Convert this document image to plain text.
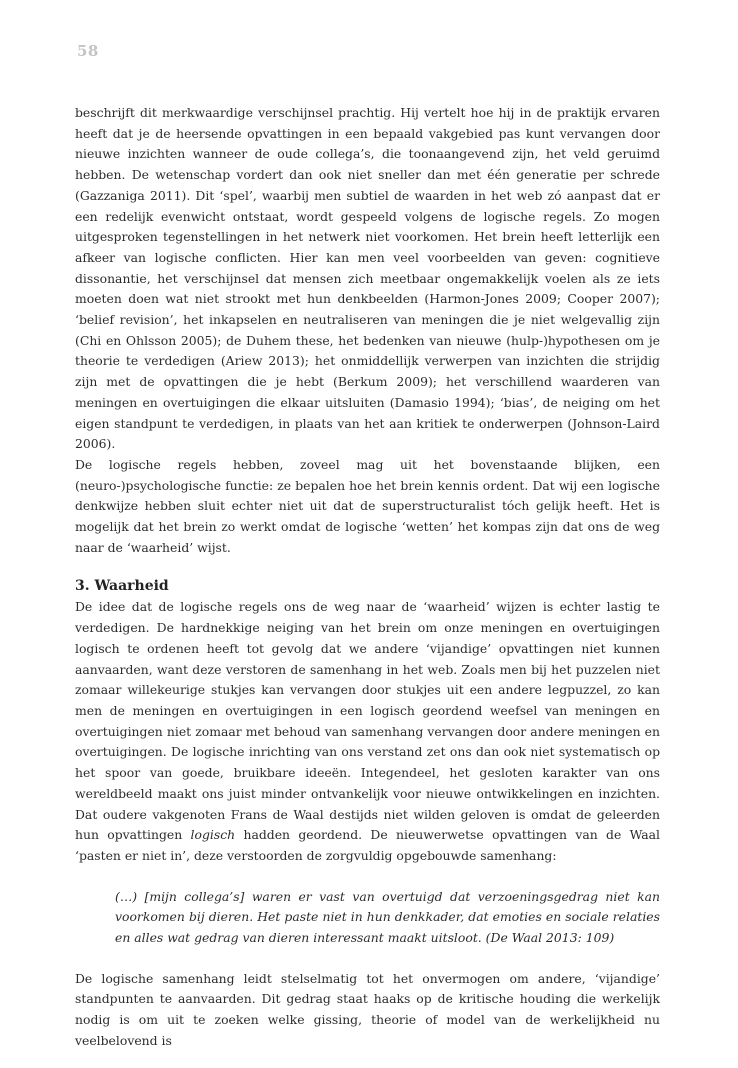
58

beschrijft dit merkwaardige verschijnsel prachtig. Hij vertelt hoe hij in de praktijk ervaren heeft dat je de heersende opvattingen in een bepaald vakgebied pas kunt vervangen door nieuwe inzichten wanneer de oude collega’s, die toonaangevend zijn, het veld geruimd hebben. De wetenschap vordert dan ook niet sneller dan met één generatie per schrede (Gazzaniga 2011). Dit ‘spel’, waarbij men subtiel de waarden in het web zó aanpast dat er een redelijk evenwicht ontstaat, wordt gespeeld volgens de logische regels. Zo mogen uitgesproken tegenstellingen in het netwerk niet voorkomen. Het brein heeft letterlijk een afkeer van logische conflicten. Hier kan men veel voorbeelden van geven: cognitieve dissonantie, het verschijnsel dat mensen zich meetbaar ongemakkelijk voelen als ze iets moeten doen wat niet strookt met hun denkbeelden (Harmon-Jones 2009; Cooper 2007); ‘belief revision’, het inkapselen en neutraliseren van meningen die je niet welgevallig zijn (Chi en Ohlsson 2005); de Duhem these, het bedenken van nieuwe (hulp-)hypothesen om je theorie te verdedigen (Ariew 2013); het onmiddellijk verwerpen van inzichten die strijdig zijn met de opvattingen die je hebt (Berkum 2009); het verschillend waarderen van meningen en overtuigingen die elkaar uitsluiten (Damasio 1994); ‘bias’, de neiging om het eigen standpunt te verdedigen, in plaats van het aan kritiek te onderwerpen (Johnson-Laird 2006).

De logische regels hebben, zoveel mag uit het bovenstaande blijken, een (neuro-)psychologische functie: ze bepalen hoe het brein kennis ordent. Dat wij een logische denkwijze hebben sluit echter niet uit dat de superstructuralist tóch gelijk heeft. Het is mogelijk dat het brein zo werkt omdat de logische ‘wetten’ het kompas zijn dat ons de weg naar de ‘waarheid’ wijst.

3. Waarheid

De idee dat de logische regels ons de weg naar de ‘waarheid’ wijzen is echter lastig te verdedigen. De hardnekkige neiging van het brein om onze meningen en overtuigingen logisch te ordenen heeft tot gevolg dat we andere ‘vijandige’ opvattingen niet kunnen aanvaarden, want deze verstoren de samenhang in het web. Zoals men bij het puzzelen niet zomaar willekeurige stukjes kan vervangen door stukjes uit een andere legpuzzel, zo kan men de meningen en overtuigingen in een logisch geordend weefsel van meningen en overtuigingen niet zomaar met behoud van samenhang vervangen door andere meningen en overtuigingen. De logische inrichting van ons verstand zet ons dan ook niet systematisch op het spoor van goede, bruikbare ideeën. Integendeel, het gesloten karakter van ons wereldbeeld maakt ons juist minder ontvankelijk voor nieuwe ontwikkelingen en inzichten. Dat oudere vakgenoten Frans de Waal destijds niet wilden geloven is omdat de geleerden hun opvattingen logisch hadden geordend. De nieuwerwetse opvattingen van de Waal ‘pasten er niet in’, deze verstoorden de zorgvuldig opgebouwde samenhang:

(…) [mijn collega’s] waren er vast van overtuigd dat verzoeningsgedrag niet kan voorkomen bij dieren. Het paste niet in hun denkkader, dat emoties en sociale relaties en alles wat gedrag van dieren interessant maakt uitsloot. (De Waal 2013: 109)

De logische samenhang leidt stelselmatig tot het onvermogen om andere, ‘vijandige’ standpunten te aanvaarden. Dit gedrag staat haaks op de kritische houding die werkelijk nodig is om uit te zoeken welke gissing, theorie of model van de werkelijkheid nu veelbelovend is
